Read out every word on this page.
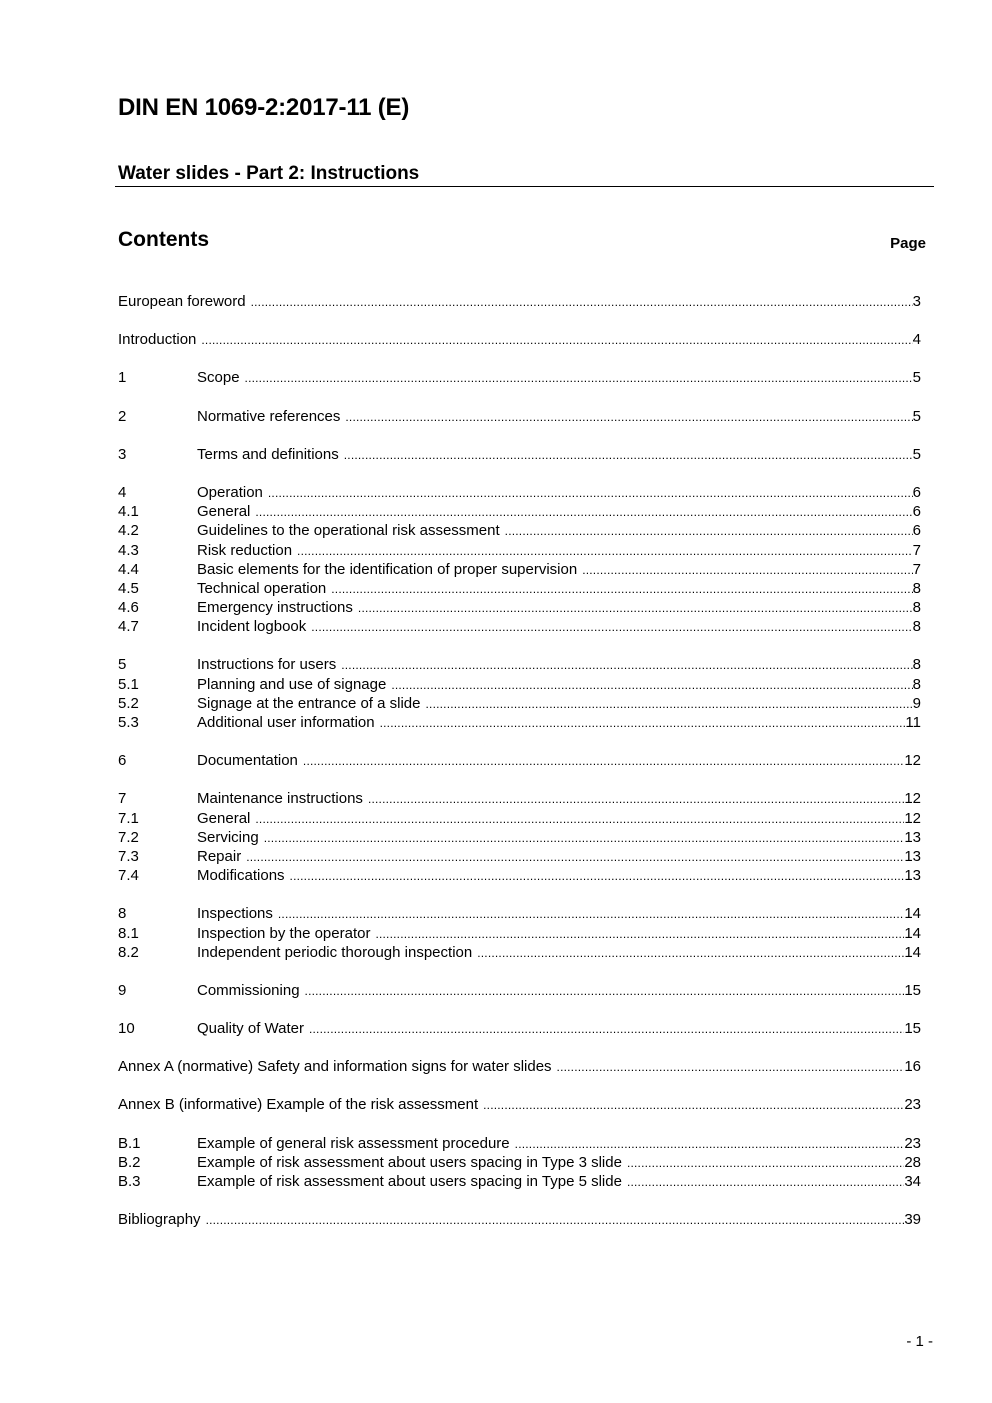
DIN EN 1069-2:2017-11 (E)
Water slides - Part 2: Instructions
Contents	Page
European foreword .....	3
Introduction .....	4
1	Scope .....	5
2	Normative references .....	5
3	Terms and definitions .....	5
4	Operation .....	6
4.1	General .....	6
4.2	Guidelines to the operational risk assessment .....	6
4.3	Risk reduction .....	7
4.4	Basic elements for the identification of proper supervision .....	7
4.5	Technical operation .....	8
4.6	Emergency instructions .....	8
4.7	Incident logbook .....	8
5	Instructions for users .....	8
5.1	Planning and use of signage .....	8
5.2	Signage at the entrance of a slide .....	9
5.3	Additional user information .....	11
6	Documentation .....	12
7	Maintenance instructions .....	12
7.1	General .....	12
7.2	Servicing .....	13
7.3	Repair .....	13
7.4	Modifications .....	13
8	Inspections .....	14
8.1	Inspection by the operator .....	14
8.2	Independent periodic thorough inspection .....	14
9	Commissioning .....	15
10	Quality of Water .....	15
Annex A (normative) Safety and information signs for water slides .....	16
Annex B (informative) Example of the risk assessment .....	23
B.1	Example of general risk assessment procedure .....	23
B.2	Example of risk assessment about users spacing in Type 3 slide .....	28
B.3	Example of risk assessment about users spacing in Type 5 slide .....	34
Bibliography .....	39
- 1 -
